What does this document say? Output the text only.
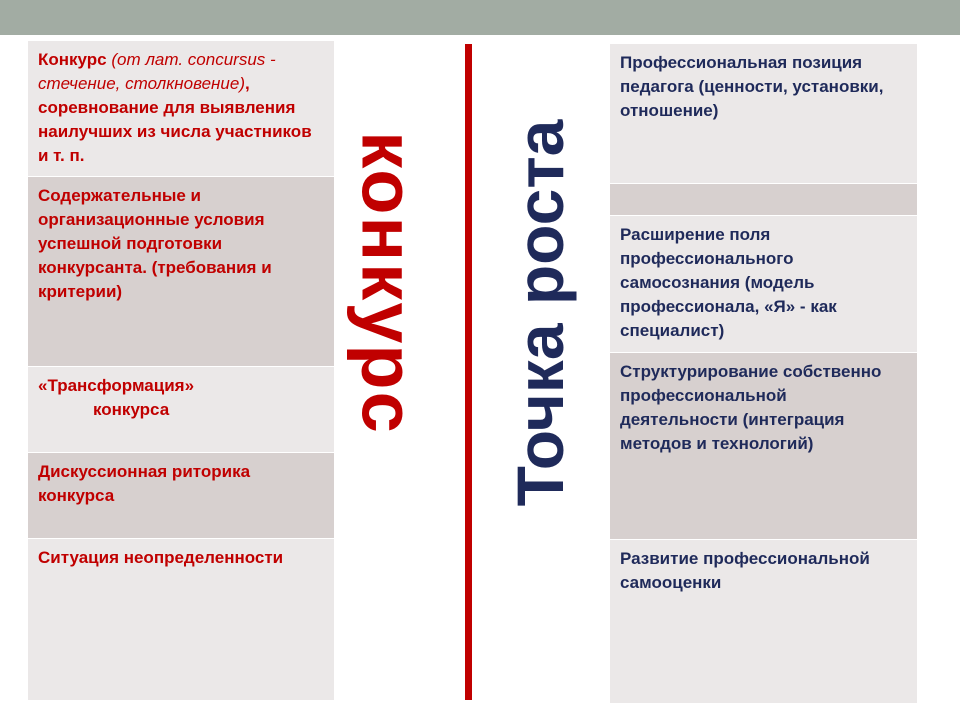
Конкурс (от лат. concursus - стечение, столкновение), соревнование для выявления наилучших из числа участников и т. п.
Содержательные и организационные условия успешной подготовки конкурсанта. (требования и критерии)
«Трансформация»
конкурса
Дискуссионная риторика конкурса
Ситуация неопределенности
конкурс Точка роста
Профессиональная позиция педагога (ценности, установки, отношение)
Расширение поля профессионального самосознания (модель профессионала, «Я» - как специалист)
Структурирование собственно профессиональной деятельности (интеграция методов и технологий)
Развитие профессиональной самооценки
